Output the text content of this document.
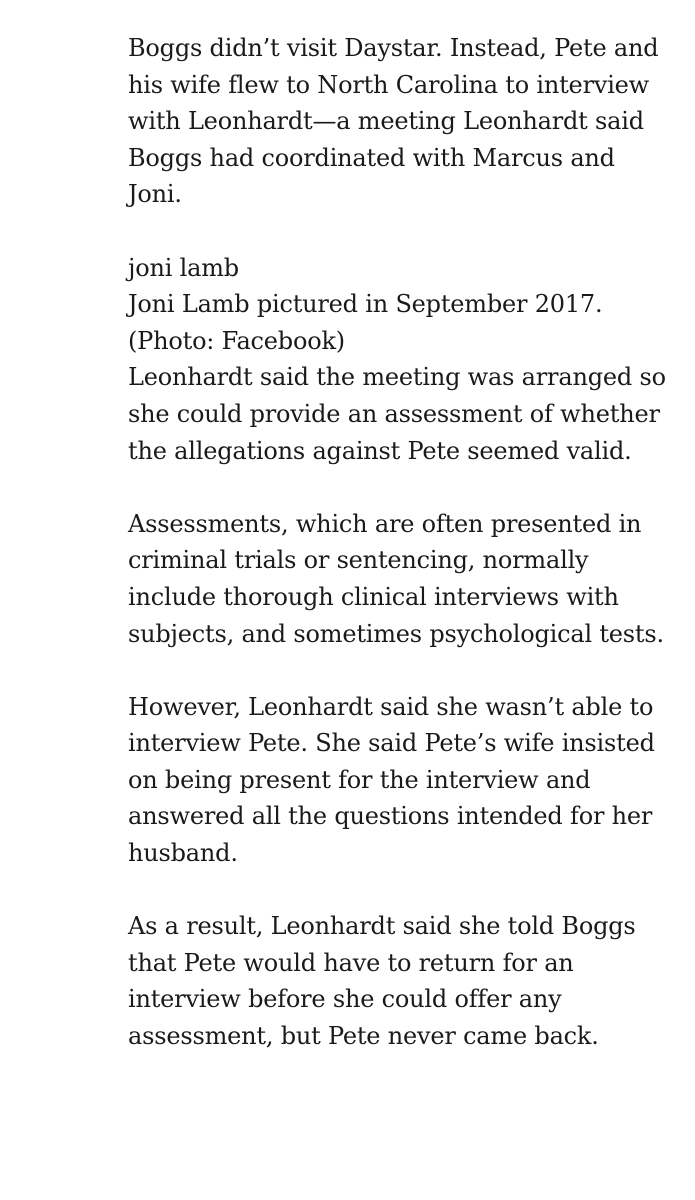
Boggs didn’t visit Daystar. Instead, Pete and his wife flew to North Carolina to interview with Leonhardt—a meeting Leonhardt said Boggs had coordinated with Marcus and Joni.

joni lamb
Joni Lamb pictured in September 2017. (Photo: Facebook)

Leonhardt said the meeting was arranged so she could provide an assessment of whether the allegations against Pete seemed valid.

Assessments, which are often presented in criminal trials or sentencing, normally include thorough clinical interviews with subjects, and sometimes psychological tests.

However, Leonhardt said she wasn’t able to interview Pete. She said Pete’s wife insisted on being present for the interview and answered all the questions intended for her husband.

As a result, Leonhardt said she told Boggs that Pete would have to return for an interview before she could offer any assessment, but Pete never came back.
